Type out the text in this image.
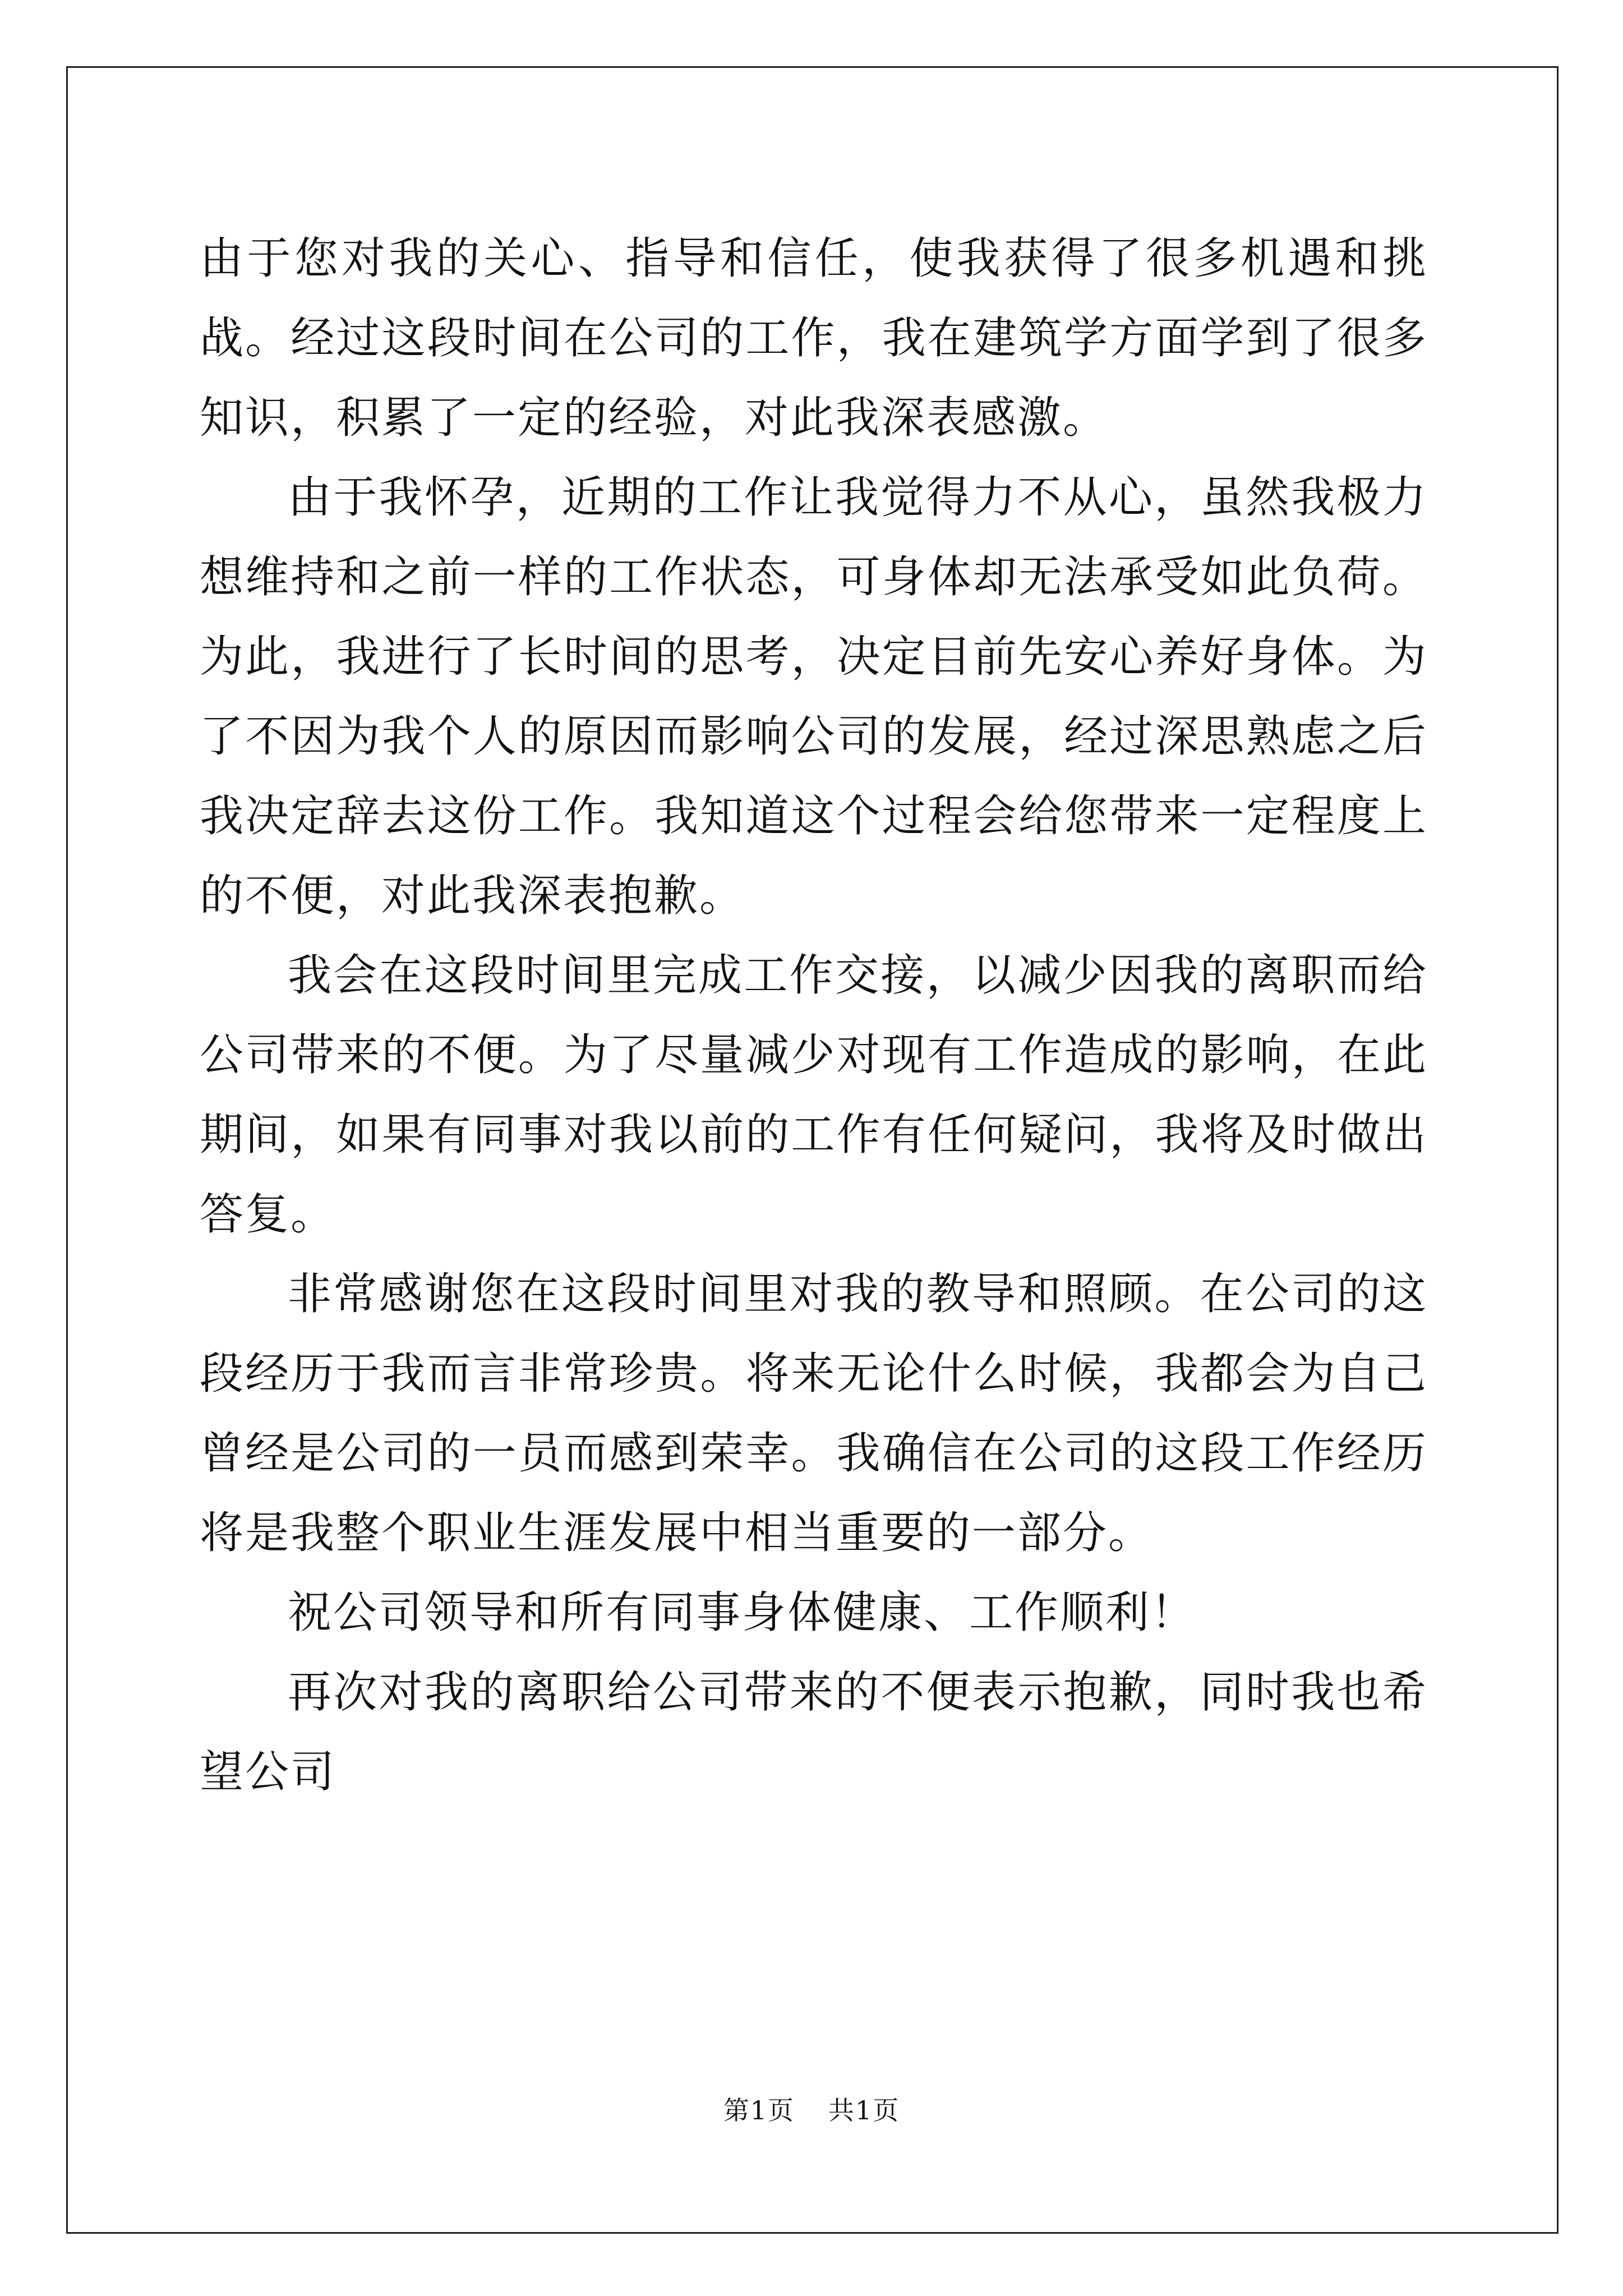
由于您对我的关心、指导和信任，使我获得了很多机遇和挑战。经过这段时间在公司的工作，我在建筑学方面学到了很多知识，积累了一定的经验，对此我深表感激。

由于我怀孕，近期的工作让我觉得力不从心，虽然我极力想维持和之前一样的工作状态，可身体却无法承受如此负荷。为此，我进行了长时间的思考，决定目前先安心养好身体。为了不因为我个人的原因而影响公司的发展，经过深思熟虑之后我决定辞去这份工作。我知道这个过程会给您带来一定程度上的不便，对此我深表抱歉。

我会在这段时间里完成工作交接，以减少因我的离职而给公司带来的不便。为了尽量减少对现有工作造成的影响，在此期间，如果有同事对我以前的工作有任何疑问，我将及时做出答复。

非常感谢您在这段时间里对我的教导和照顾。在公司的这段经历于我而言非常珍贵。将来无论什么时候，我都会为自己曾经是公司的一员而感到荣幸。我确信在公司的这段工作经历将是我整个职业生涯发展中相当重要的一部分。

祝公司领导和所有同事身体健康、工作顺利！

再次对我的离职给公司带来的不便表示抱歉，同时我也希望公司

第1页 共1页
